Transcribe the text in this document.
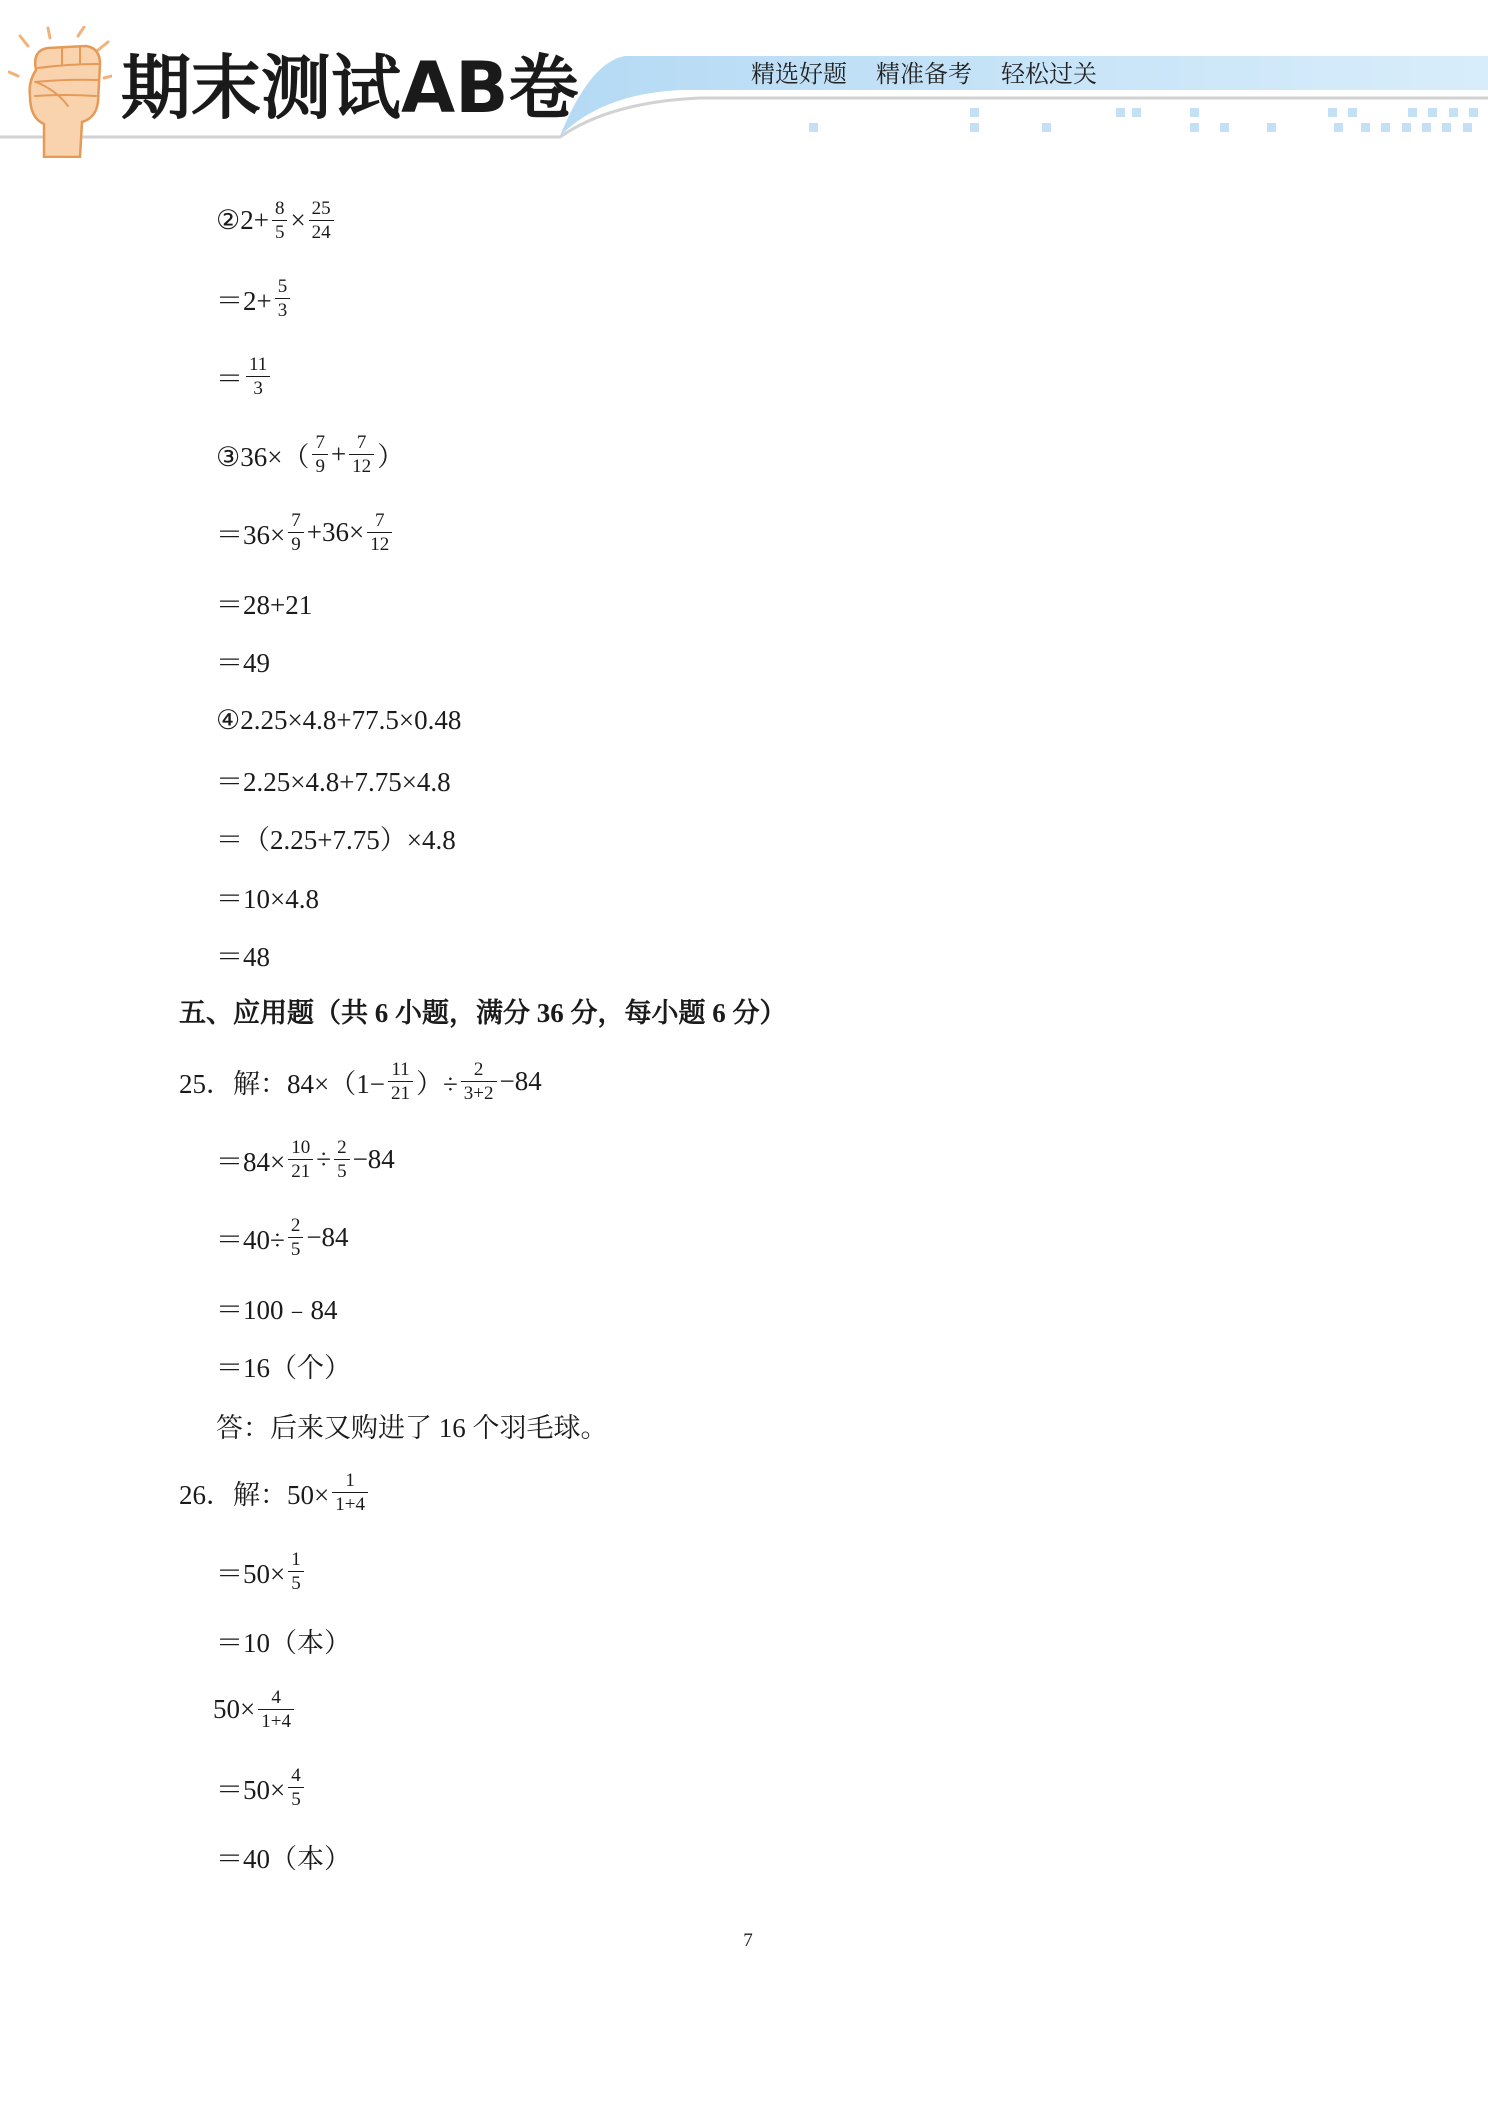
期末测试AB卷	精选好题 精准备考 轻松过关
②2+ $\frac{8}{5} \times \frac{25}{24}$
$=2+ \frac{5}{3}$
＝ $\frac{11}{3}$
③36×（ $\frac{7}{9} + \frac{7}{12}$ ）
$=36\times \frac{7}{9} +36\times \frac{7}{12}$
＝28+21
＝49
④2.25×4.8+77.5×0.48
＝2.25×4.8+7.75×4.8
＝（2.25+7.75）×4.8
＝10×4.8
＝48
五、应用题（共 6 小题，满分 36 分，每小题 6 分）
25．解：$84\times(1- \frac{11}{21}$ ）÷ $\frac{2}{3+2} -84$
$=84\times \frac{10}{21} \div \frac{2}{5} -84$
$=40\div \frac{2}{5} -84$
＝100﹣84
＝16（个）
答：后来又购进了 16 个羽毛球。
26．解：$50\times \frac{1}{1+4}$
$=50\times \frac{1}{5}$
＝10（本）
$50\times \frac{4}{1+4}$
$=50\times \frac{4}{5}$
＝40（本）
7
